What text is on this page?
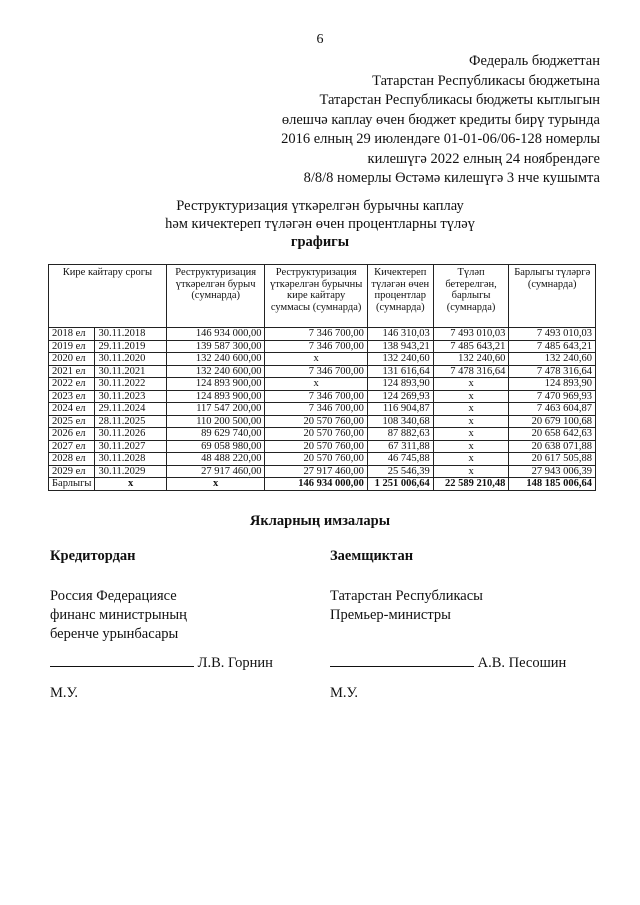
6
Федераль бюджеттан
Татарстан Республикасы бюджетына
Татарстан Республикасы бюджеты кытлыгын
өлешчә каплау өчен бюджет кредиты бирү турында
2016 елның 29 июлендәге 01-01-06/06-128 номерлы
килешүгә 2022 елның 24 ноябрендәге
8/8/8 номерлы Өстәмә килешүгә 3 нче кушымта
Реструктуризация үткәрелгән бурычны каплау
һәм кичектереп түләгән өчен процентларны түләү
графигы
Кире кайтару срогы		Реструктуризация үткәрелгән бурыч (сумнарда)	Реструктуризация үткәрелгән бурычны кире кайтару суммасы (сумнарда)	Кичектереп түләгән өчен процентлар (сумнарда)	Түләп бетерелгән, барлыгы (сумнарда)	Барлыгы түләргә (сумнарда)
2018 ел	30.11.2018	146 934 000,00	7 346 700,00	146 310,03	7 493 010,03	7 493 010,03
2019 ел	29.11.2019	139 587 300,00	7 346 700,00	138 943,21	7 485 643,21	7 485 643,21
2020 ел	30.11.2020	132 240 600,00	x	132 240,60	132 240,60	132 240,60
2021 ел	30.11.2021	132 240 600,00	7 346 700,00	131 616,64	7 478 316,64	7 478 316,64
2022 ел	30.11.2022	124 893 900,00	x	124 893,90	x	124 893,90
2023 ел	30.11.2023	124 893 900,00	7 346 700,00	124 269,93	x	7 470 969,93
2024 ел	29.11.2024	117 547 200,00	7 346 700,00	116 904,87	x	7 463 604,87
2025 ел	28.11.2025	110 200 500,00	20 570 760,00	108 340,68	x	20 679 100,68
2026 ел	30.11.2026	89 629 740,00	20 570 760,00	87 882,63	x	20 658 642,63
2027 ел	30.11.2027	69 058 980,00	20 570 760,00	67 311,88	x	20 638 071,88
2028 ел	30.11.2028	48 488 220,00	20 570 760,00	46 745,88	x	20 617 505,88
2029 ел	30.11.2029	27 917 460,00	27 917 460,00	25 546,39	x	27 943 006,39
Барлыгы	x	x	146 934 000,00	1 251 006,64	22 589 210,48	148 185 006,64
Якларның имзалары
Кредитордан
Россия Федерациясе
финанс министрының
беренче урынбасары
Заемщиктан
Татарстан Республикасы
Премьер-министры
Л.В. Горнин	А.В. Песошин
М.У.	М.У.
